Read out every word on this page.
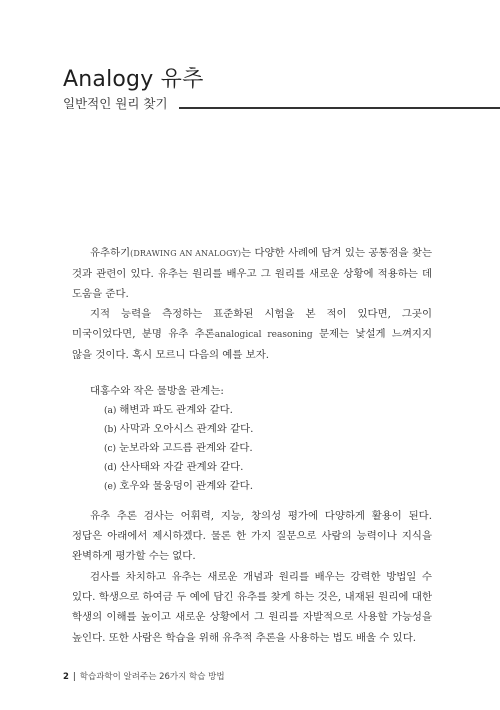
Analogy 유추
일반적인 원리 찾기
유추하기(DRAWING AN ANALOGY)는 다양한 사례에 담겨 있는 공통점을 찾는 것과 관련이 있다. 유추는 원리를 배우고 그 원리를 새로운 상황에 적용하는 데 도움을 준다.
지적 능력을 측정하는 표준화된 시험을 본 적이 있다면, 그곳이 미국이었다면, 분명 유추 추론analogical reasoning 문제는 낯설게 느껴지지 않을 것이다. 혹시 모르니 다음의 예를 보자.
대홍수와 작은 물방울 관계는:
(a) 해변과 파도 관계와 같다.
(b) 사막과 오아시스 관계와 같다.
(c) 눈보라와 고드름 관계와 같다.
(d) 산사태와 자갈 관계와 같다.
(e) 호우와 물웅덩이 관계와 같다.
유추 추론 검사는 어휘력, 지능, 창의성 평가에 다양하게 활용이 된다. 정답은 아래에서 제시하겠다. 물론 한 가지 질문으로 사람의 능력이나 지식을 완벽하게 평가할 수는 없다.
검사를 차치하고 유추는 새로운 개념과 원리를 배우는 강력한 방법일 수 있다. 학생으로 하여금 두 예에 담긴 유추를 찾게 하는 것은, 내재된 원리에 대한 학생의 이해를 높이고 새로운 상황에서 그 원리를 자발적으로 사용할 가능성을 높인다. 또한 사람은 학습을 위해 유추적 추론을 사용하는 법도 배울 수 있다.
2 | 학습과학이 알려주는 26가지 학습 방법
